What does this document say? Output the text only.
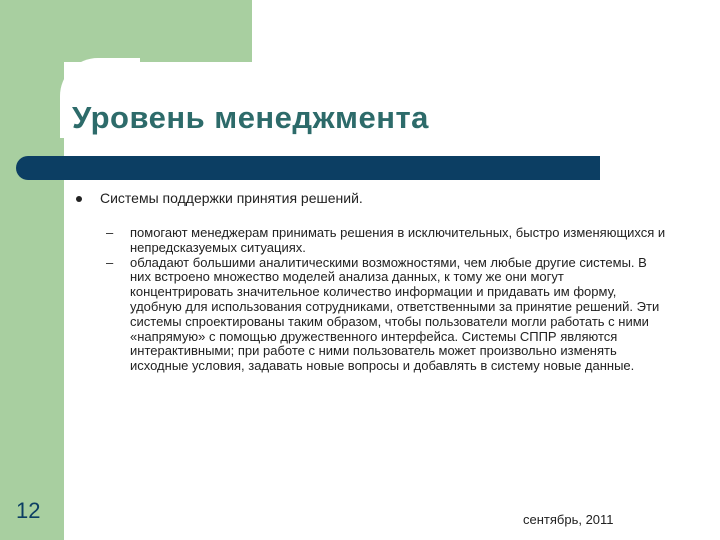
Уровень менеджмента
Системы поддержки принятия решений.
– помогают менеджерам принимать решения в исключительных, быстро изменяющихся и непредсказуемых ситуациях.
– обладают большими аналитическими возможностями, чем любые другие системы. В них встроено множество моделей анализа данных, к тому же они могут концентрировать значительное количество информации и придавать им форму, удобную для использования сотрудниками, ответственными за принятие решений. Эти системы спроектированы таким образом, чтобы пользователи могли работать с ними «напрямую» с помощью дружественного интерфейса. Системы СППР являются интерактивными; при работе с ними пользователь может произвольно изменять исходные условия, задавать новые вопросы и добавлять в систему новые данные.
12	сентябрь, 2011
